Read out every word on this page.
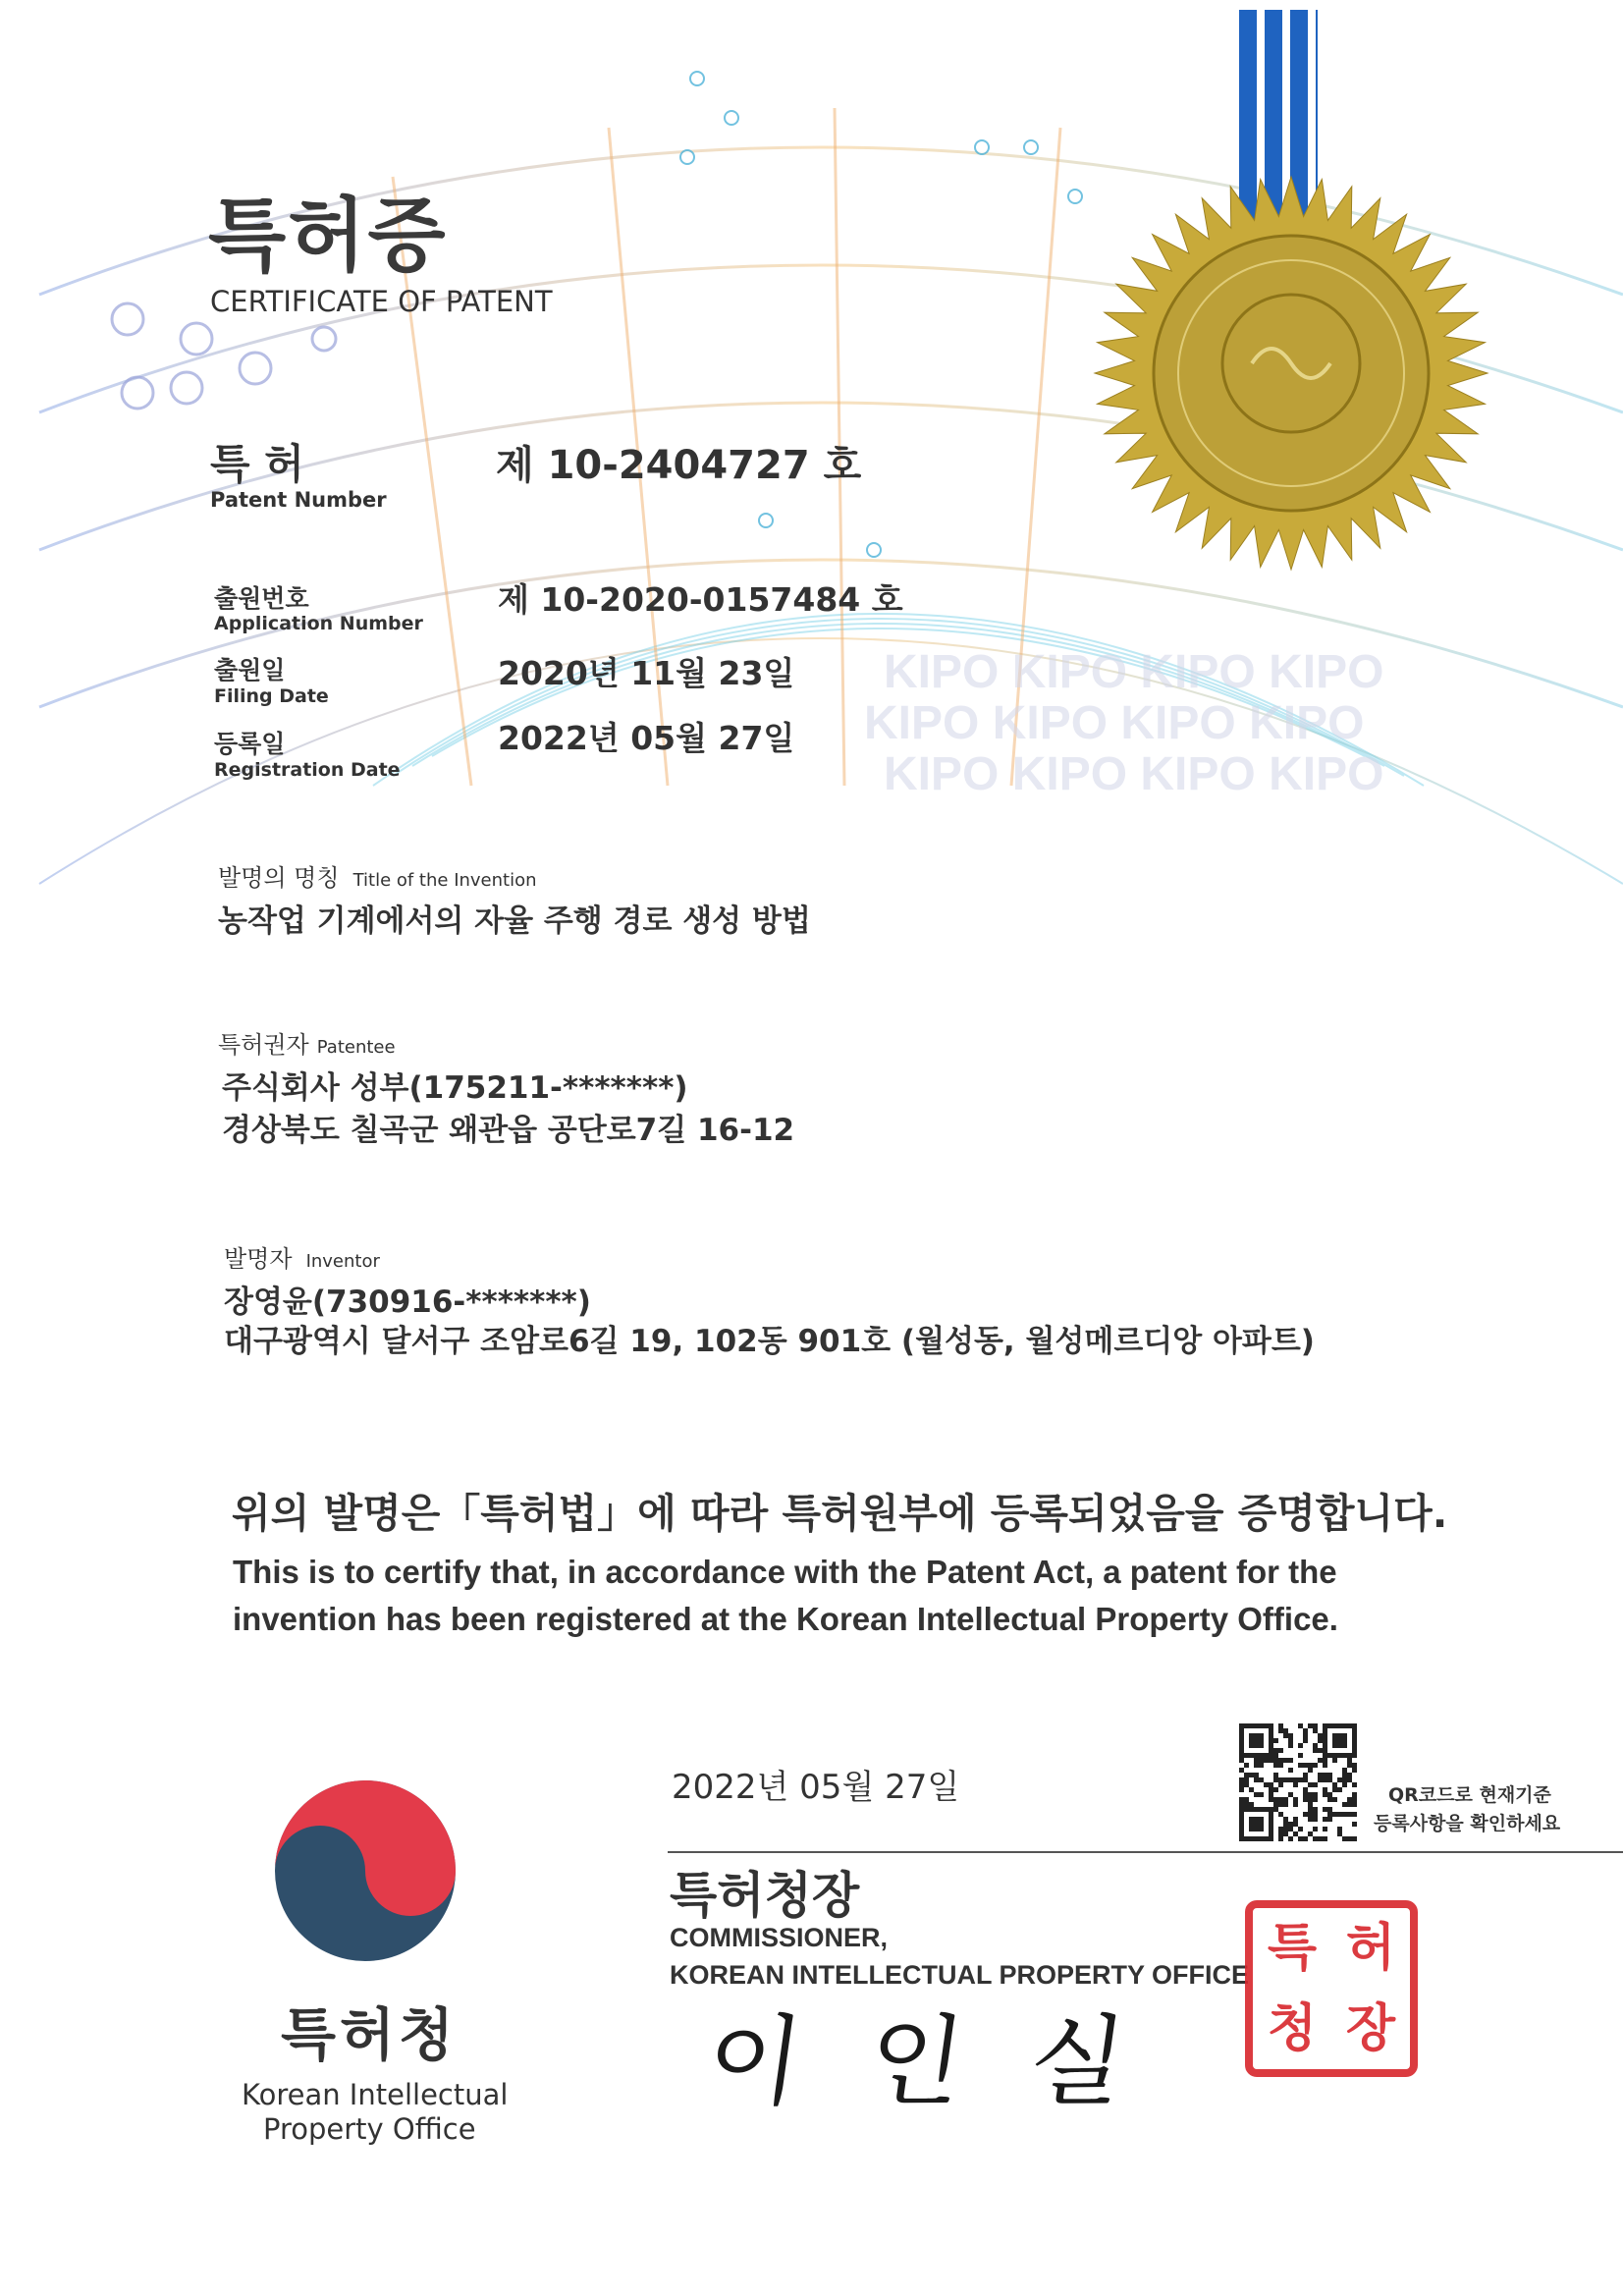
KIPO KIPO KIPO KIPO
KIPO KIPO KIPO KIPO
KIPO KIPO KIPO KIPO
특허증
CERTIFICATE OF PATENT
특 허
Patent Number
제 10-2404727 호
출원번호
Application Number
제 10-2020-0157484 호
출원일
Filing Date
2020년 11월 23일
등록일
Registration Date
2022년 05월 27일
발명의 명칭 Title of the Invention
농작업 기계에서의 자율 주행 경로 생성 방법
특허권자 Patentee
주식회사 성부(175211-*******)
경상북도 칠곡군 왜관읍 공단로7길 16-12
발명자 Inventor
장영윤(730916-*******)
대구광역시 달서구 조암로6길 19, 102동 901호 (월성동, 월성메르디앙 아파트)
위의 발명은「특허법」에 따라 특허원부에 등록되었음을 증명합니다.
This is to certify that, in accordance with the Patent Act, a patent for the
invention has been registered at the Korean Intellectual Property Office.
2022년 05월 27일	QR코드로 현재기준
등록사항을 확인하세요
특허청장
COMMISSIONER,
KOREAN INTELLECTUAL PROPERTY OFFICE
이 인 실
특 허
청 장
특허청
Korean Intellectual
Property Office
